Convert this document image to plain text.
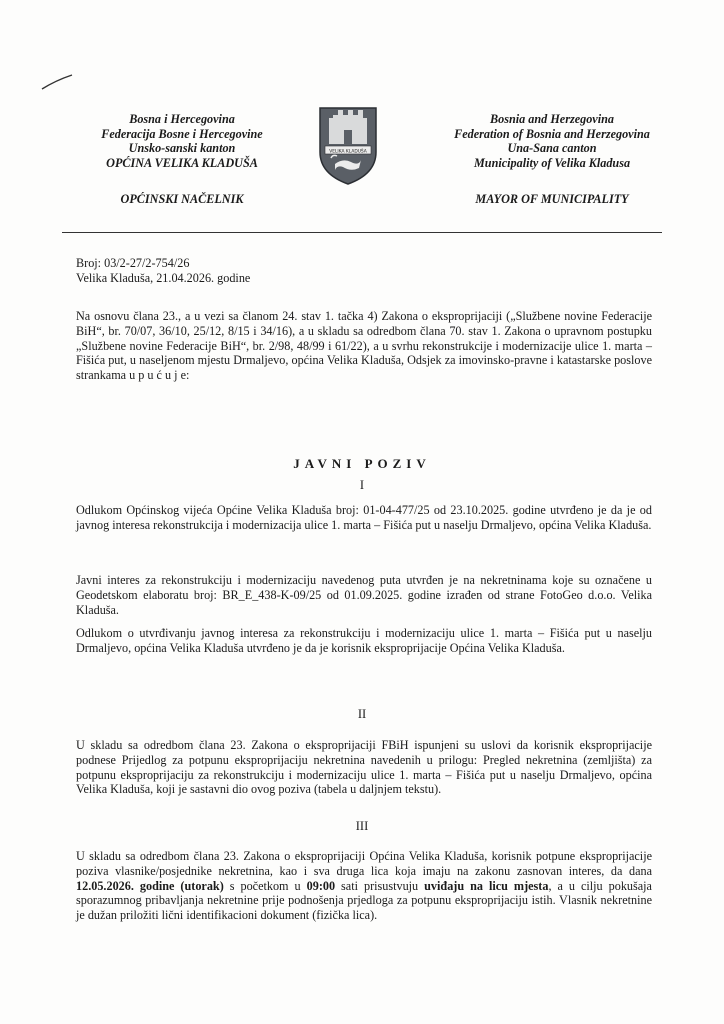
Bosna i Hercegovina
Federacija Bosne i Hercegovine
Unsko-sanski kanton
OPĆINA VELIKA KLADUŠA
OPĆINSKI NAČELNIK
VELIKA KLADUŠA
Bosnia and Herzegovina
Federation of Bosnia and Herzegovina
Una-Sana canton
Municipality of Velika Kladusa
MAYOR OF MUNICIPALITY
Broj: 03/2-27/2-754/26
Velika Kladuša, 21.04.2026. godine
Na osnovu člana 23., a u vezi sa članom 24. stav 1. tačka 4) Zakona o eksproprijaciji („Službene novine Federacije BiH“, br. 70/07, 36/10, 25/12, 8/15 i 34/16), a u skladu sa odredbom člana 70. stav 1. Zakona o upravnom postupku „Službene novine Federacije BiH“, br. 2/98, 48/99 i 61/22), a u svrhu rekonstrukcije i modernizacije ulice 1. marta – Fišića put, u naseljenom mjestu Drmaljevo, općina Velika Kladuša, Odsjek za imovinsko-pravne i katastarske poslove strankama u p u ć u j e:
JAVNI POZIV
I
Odlukom Općinskog vijeća Općine Velika Kladuša broj: 01-04-477/25 od 23.10.2025. godine utvrđeno je da je od javnog interesa rekonstrukcija i modernizacija ulice 1. marta – Fišića put u naselju Drmaljevo, općina Velika Kladuša.
Javni interes za rekonstrukciju i modernizaciju navedenog puta utvrđen je na nekretninama koje su označene u Geodetskom elaboratu broj: BR_E_438-K-09/25 od 01.09.2025. godine izrađen od strane FotoGeo d.o.o. Velika Kladuša.
Odlukom o utvrđivanju javnog interesa za rekonstrukciju i modernizaciju ulice 1. marta – Fišića put u naselju Drmaljevo, općina Velika Kladuša utvrđeno je da je korisnik eksproprijacije Općina Velika Kladuša.
II
U skladu sa odredbom člana 23. Zakona o eksproprijaciji FBiH ispunjeni su uslovi da korisnik eksproprijacije podnese Prijedlog za potpunu eksproprijaciju nekretnina navedenih u prilogu: Pregled nekretnina (zemljišta) za potpunu eksproprijaciju za rekonstrukciju i modernizaciju ulice 1. marta – Fišića put u naselju Drmaljevo, općina Velika Kladuša, koji je sastavni dio ovog poziva (tabela u daljnjem tekstu).
III
U skladu sa odredbom člana 23. Zakona o eksproprijaciji Općina Velika Kladuša, korisnik potpune eksproprijacije poziva vlasnike/posjednike nekretnina, kao i sva druga lica koja imaju na zakonu zasnovan interes, da dana 12.05.2026. godine (utorak) s početkom u 09:00 sati prisustvuju uviđaju na licu mjesta, a u cilju pokušaja sporazumnog pribavljanja nekretnine prije podnošenja prjedloga za potpunu eksproprijaciju istih. Vlasnik nekretnine je dužan priložiti lični identifikacioni dokument (fizička lica).
